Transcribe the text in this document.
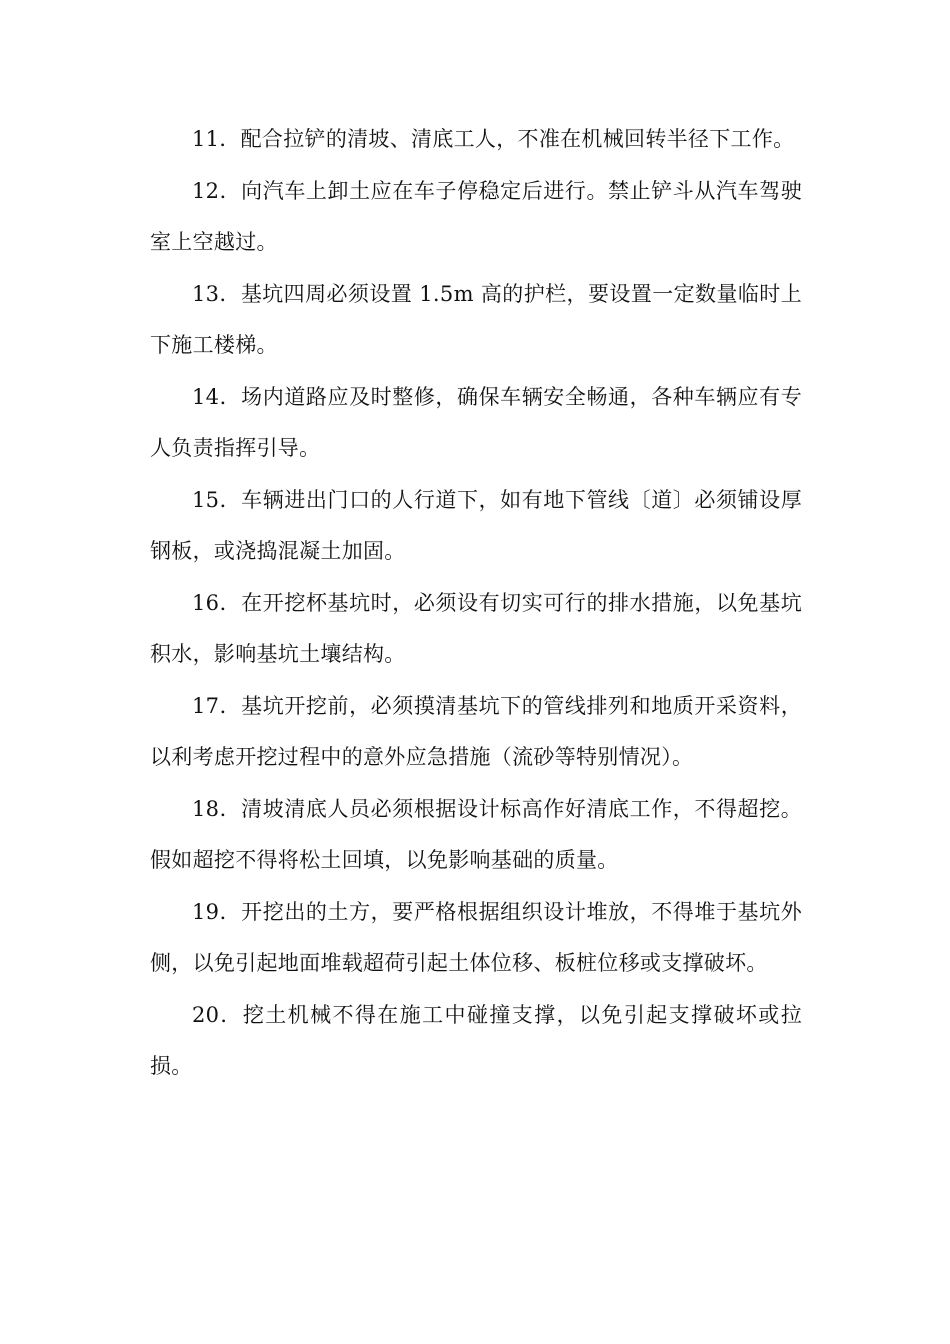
11．配合拉铲的清坡、清底工人，不准在机械回转半径下工作。

12．向汽车上卸土应在车子停稳定后进行。禁止铲斗从汽车驾驶室上空越过。

13．基坑四周必须设置 1.5m 高的护栏，要设置一定数量临时上下施工楼梯。

14．场内道路应及时整修，确保车辆安全畅通，各种车辆应有专人负责指挥引导。

15．车辆进出门口的人行道下，如有地下管线〔道〕必须铺设厚钢板，或浇捣混凝土加固。

16．在开挖杯基坑时，必须设有切实可行的排水措施，以免基坑积水，影响基坑土壤结构。

17．基坑开挖前，必须摸清基坑下的管线排列和地质开采资料，以利考虑开挖过程中的意外应急措施（流砂等特别情况）。

18．清坡清底人员必须根据设计标高作好清底工作，不得超挖。假如超挖不得将松土回填，以免影响基础的质量。

19．开挖出的土方，要严格根据组织设计堆放，不得堆于基坑外侧，以免引起地面堆载超荷引起土体位移、板桩位移或支撑破坏。

20．挖土机械不得在施工中碰撞支撑，以免引起支撑破坏或拉损。
